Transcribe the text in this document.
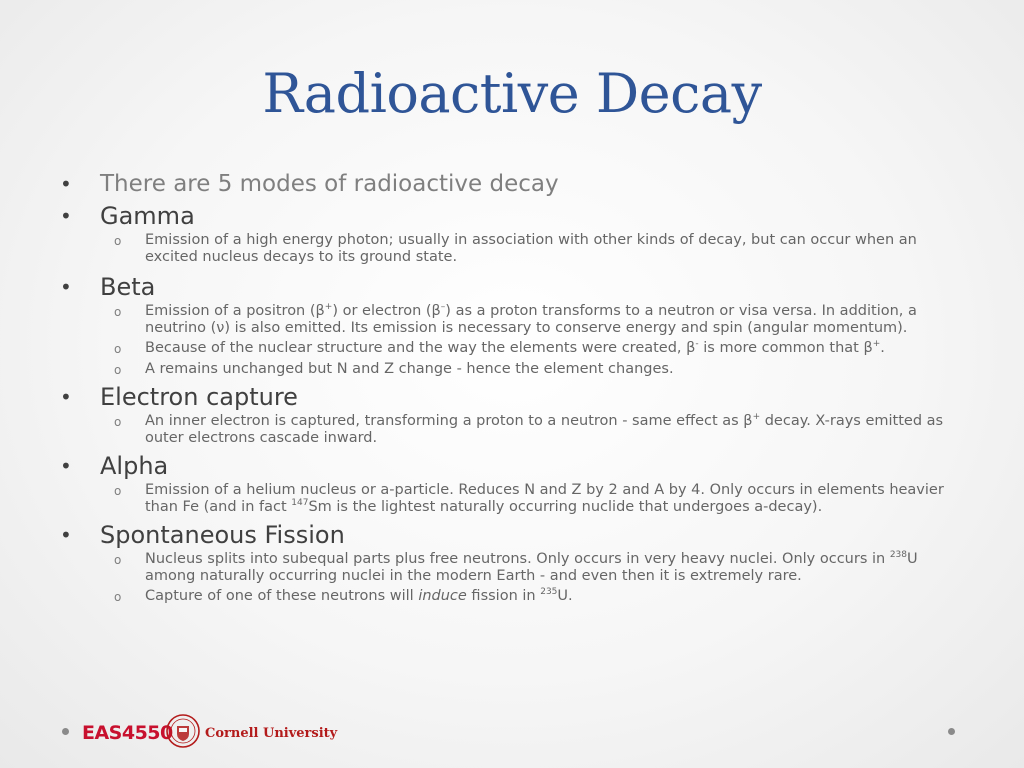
Radioactive Decay
• There are 5 modes of radioactive decay
• Gamma
o Emission of a high energy photon; usually in association with other kinds of decay, but can occur when an excited nucleus decays to its ground state.
• Beta
o Emission of a positron (β+) or electron (β–) as a proton transforms to a neutron or visa versa. In addition, a neutrino (ν) is also emitted. Its emission is necessary to conserve energy and spin (angular momentum).
o Because of the nuclear structure and the way the elements were created, β- is more common that β+.
o A remains unchanged but N and Z change - hence the element changes.
• Electron capture
o An inner electron is captured, transforming a proton to a neutron - same effect as β+ decay. X-rays emitted as outer electrons cascade inward.
• Alpha
o Emission of a helium nucleus or a-particle. Reduces N and Z by 2 and A by 4. Only occurs in elements heavier than Fe (and in fact $^{147}$Sm is the lightest naturally occurring nuclide that undergoes a-decay).
• Spontaneous Fission
o Nucleus splits into subequal parts plus free neutrons. Only occurs in very heavy nuclei. Only occurs in $^{238}$U among naturally occurring nuclei in the modern Earth - and even then it is extremely rare.
o Capture of one of these neutrons will induce fission in $^{235}$U.
EAS4550 Cornell University
